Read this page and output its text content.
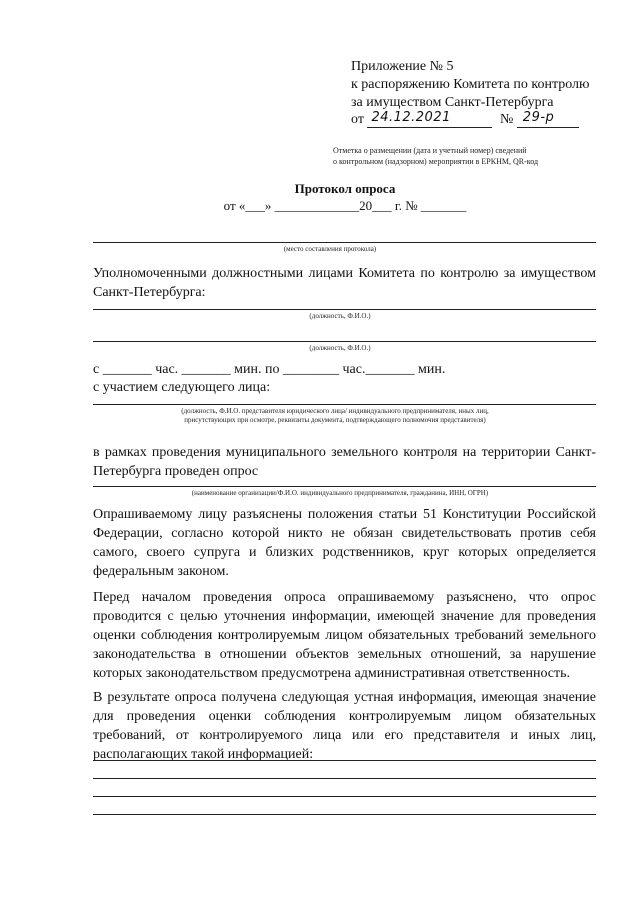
Приложение № 5
к распоряжению Комитета по контролю
за имуществом Санкт-Петербурга
от 24.12.2021	№ 29-р
Отметка о размещении (дата и учетный номер) сведений
о контрольном (надзорном) мероприятии в ЕРКНМ, QR-код
Протокол опроса
от «___» _____________20___ г. № _______
(место составления протокола)
Уполномоченными должностными лицами Комитета по контролю за имуществом Санкт-Петербурга:
(должность, Ф.И.О.)
(должность, Ф.И.О.)
с _______ час. _______ мин. по ________ час._______ мин.
с участием следующего лица:
(должность, Ф.И.О. представителя юридического лица/ индивидуального предпринимателя, иных лиц,
присутствующих при осмотре, реквизиты документа, подтверждающего полномочия представителя)
в рамках проведения муниципального земельного контроля на территории Санкт-Петербурга проведен опрос
(наименование организации/Ф.И.О. индивидуального предпринимателя, гражданина, ИНН, ОГРН)
Опрашиваемому лицу разъяснены положения статьи 51 Конституции Российской Федерации, согласно которой никто не обязан свидетельствовать против себя самого, своего супруга и близких родственников, круг которых определяется федеральным законом.
Перед началом проведения опроса опрашиваемому разъяснено, что опрос проводится с целью уточнения информации, имеющей значение для проведения оценки соблюдения контролируемым лицом обязательных требований земельного законодательства в отношении объектов земельных отношений, за нарушение которых законодательством предусмотрена административная ответственность.
В результате опроса получена следующая устная информация, имеющая значение для проведения оценки соблюдения контролируемым лицом обязательных требований, от контролируемого лица или его представителя и иных лиц, располагающих такой информацией:
